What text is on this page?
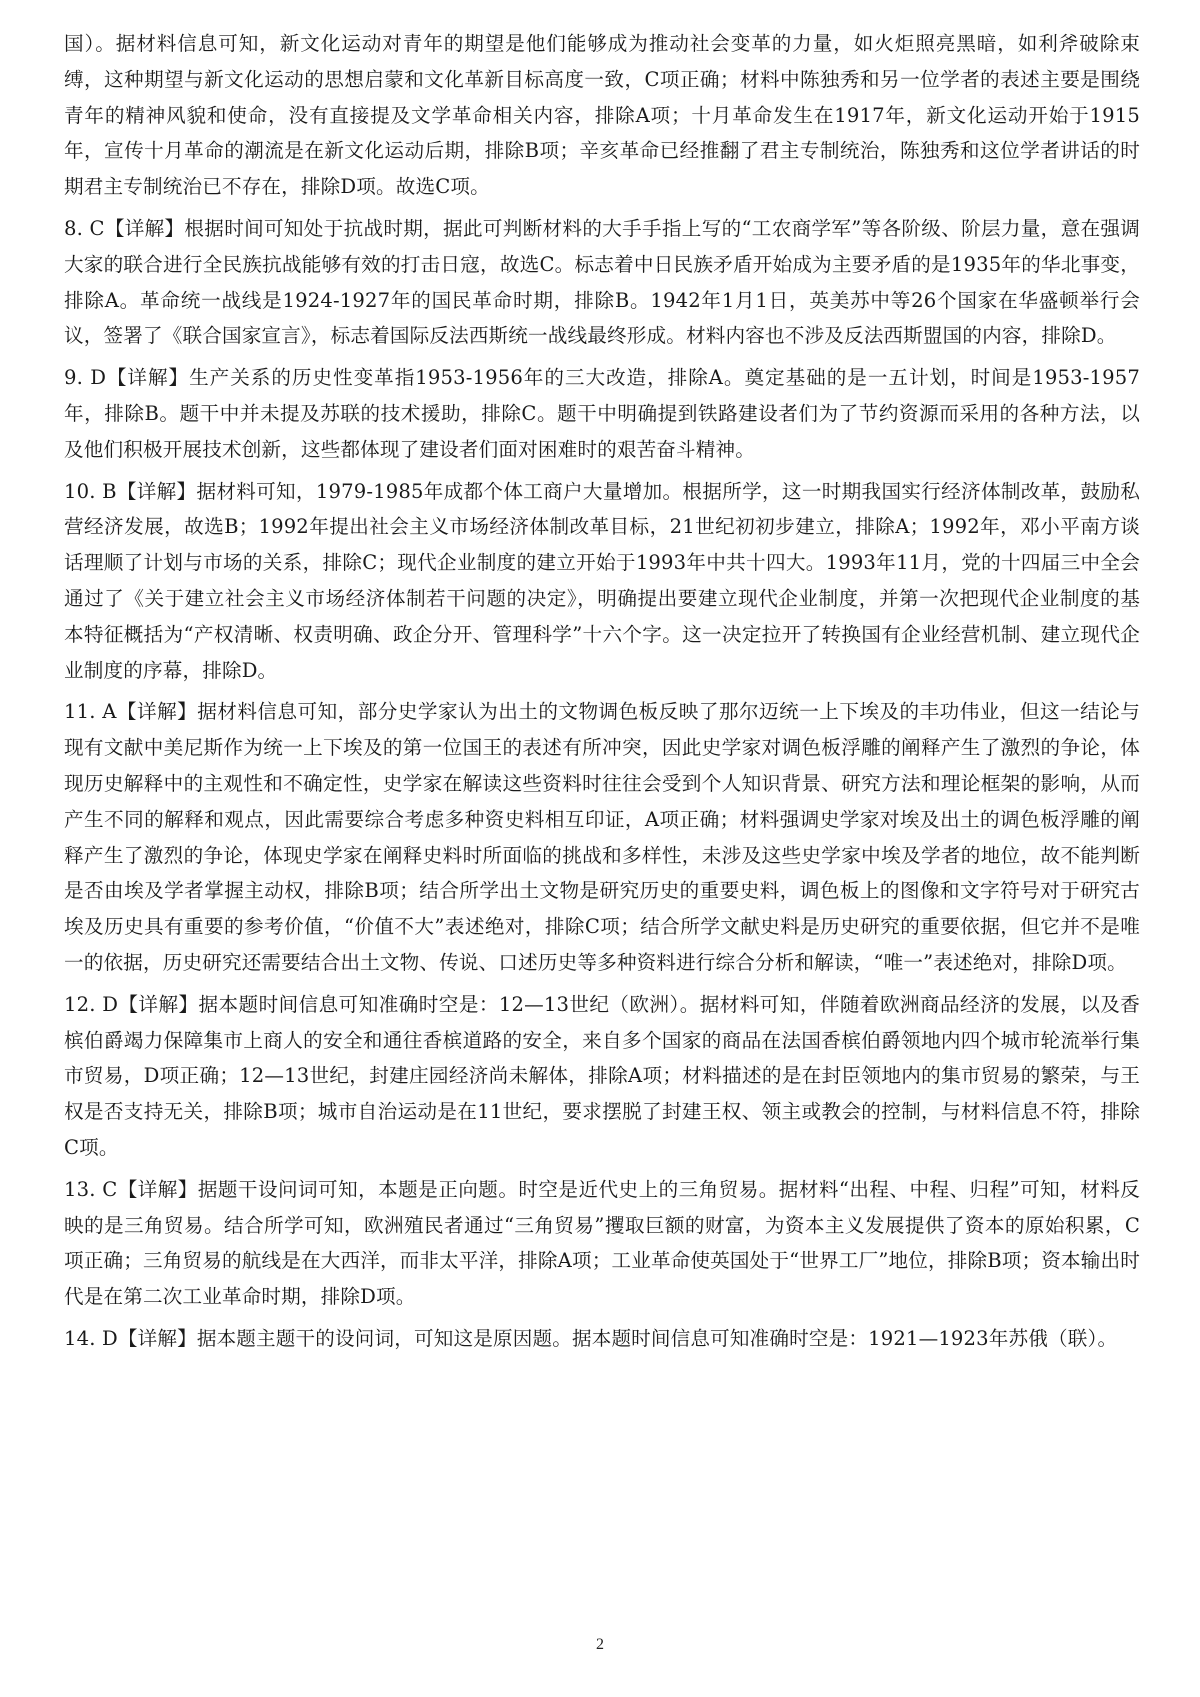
国）。据材料信息可知，新文化运动对青年的期望是他们能够成为推动社会变革的力量，如火炬照亮黑暗，如利斧破除束缚，这种期望与新文化运动的思想启蒙和文化革新目标高度一致，C项正确；材料中陈独秀和另一位学者的表述主要是围绕青年的精神风貌和使命，没有直接提及文学革命相关内容，排除A项；十月革命发生在1917年，新文化运动开始于1915年，宣传十月革命的潮流是在新文化运动后期，排除B项；辛亥革命已经推翻了君主专制统治，陈独秀和这位学者讲话的时期君主专制统治已不存在，排除D项。故选C项。

8. C【详解】根据时间可知处于抗战时期，据此可判断材料的大手手指上写的“工农商学军”等各阶级、阶层力量，意在强调大家的联合进行全民族抗战能够有效的打击日寇，故选C。标志着中日民族矛盾开始成为主要矛盾的是1935年的华北事变，排除A。革命统一战线是1924-1927年的国民革命时期，排除B。1942年1月1日，英美苏中等26个国家在华盛顿举行会议，签署了《联合国家宣言》，标志着国际反法西斯统一战线最终形成。材料内容也不涉及反法西斯盟国的内容，排除D。

9. D【详解】生产关系的历史性变革指1953-1956年的三大改造，排除A。奠定基础的是一五计划，时间是1953-1957年，排除B。题干中并未提及苏联的技术援助，排除C。题干中明确提到铁路建设者们为了节约资源而采用的各种方法，以及他们积极开展技术创新，这些都体现了建设者们面对困难时的艰苦奋斗精神。

10. B【详解】据材料可知，1979-1985年成都个体工商户大量增加。根据所学，这一时期我国实行经济体制改革，鼓励私营经济发展，故选B；1992年提出社会主义市场经济体制改革目标，21世纪初初步建立，排除A；1992年，邓小平南方谈话理顺了计划与市场的关系，排除C；现代企业制度的建立开始于1993年中共十四大。1993年11月，党的十四届三中全会通过了《关于建立社会主义市场经济体制若干问题的决定》，明确提出要建立现代企业制度，并第一次把现代企业制度的基本特征概括为“产权清晰、权责明确、政企分开、管理科学”十六个字。这一决定拉开了转换国有企业经营机制、建立现代企业制度的序幕，排除D。

11. A【详解】据材料信息可知，部分史学家认为出土的文物调色板反映了那尔迈统一上下埃及的丰功伟业，但这一结论与现有文献中美尼斯作为统一上下埃及的第一位国王的表述有所冲突，因此史学家对调色板浮雕的阐释产生了激烈的争论，体现历史解释中的主观性和不确定性，史学家在解读这些资料时往往会受到个人知识背景、研究方法和理论框架的影响，从而产生不同的解释和观点，因此需要综合考虑多种资史料相互印证，A项正确；材料强调史学家对埃及出土的调色板浮雕的阐释产生了激烈的争论，体现史学家在阐释史料时所面临的挑战和多样性，未涉及这些史学家中埃及学者的地位，故不能判断是否由埃及学者掌握主动权，排除B项；结合所学出土文物是研究历史的重要史料，调色板上的图像和文字符号对于研究古埃及历史具有重要的参考价值，“价值不大”表述绝对，排除C项；结合所学文献史料是历史研究的重要依据，但它并不是唯一的依据，历史研究还需要结合出土文物、传说、口述历史等多种资料进行综合分析和解读，“唯一”表述绝对，排除D项。

12. D【详解】据本题时间信息可知准确时空是：12—13世纪（欧洲）。据材料可知，伴随着欧洲商品经济的发展，以及香槟伯爵竭力保障集市上商人的安全和通往香槟道路的安全，来自多个国家的商品在法国香槟伯爵领地内四个城市轮流举行集市贸易，D项正确；12—13世纪，封建庄园经济尚未解体，排除A项；材料描述的是在封臣领地内的集市贸易的繁荣，与王权是否支持无关，排除B项；城市自治运动是在11世纪，要求摆脱了封建王权、领主或教会的控制，与材料信息不符，排除C项。

13. C【详解】据题干设问词可知，本题是正向题。时空是近代史上的三角贸易。据材料“出程、中程、归程”可知，材料反映的是三角贸易。结合所学可知，欧洲殖民者通过“三角贸易”攫取巨额的财富，为资本主义发展提供了资本的原始积累，C项正确；三角贸易的航线是在大西洋，而非太平洋，排除A项；工业革命使英国处于“世界工厂”地位，排除B项；资本输出时代是在第二次工业革命时期，排除D项。

14. D【详解】据本题主题干的设问词，可知这是原因题。据本题时间信息可知准确时空是：1921—1923年苏俄（联）。

2
